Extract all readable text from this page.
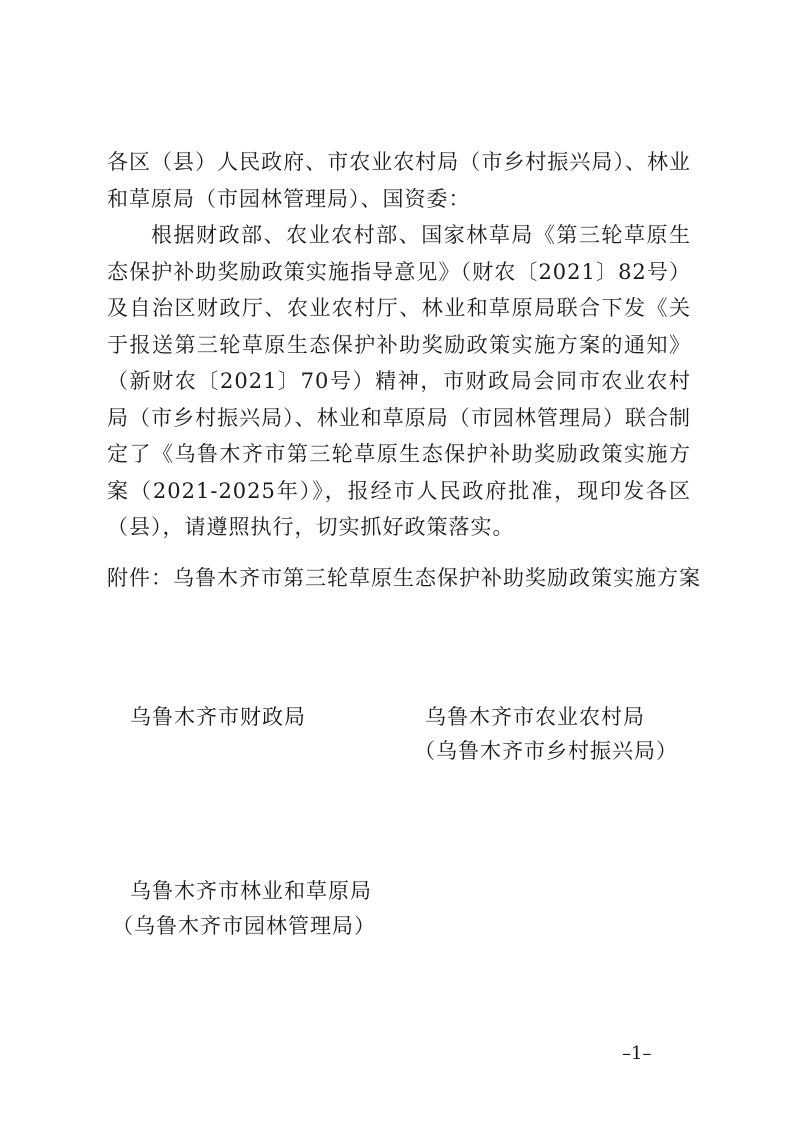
各区（县）人民政府、市农业农村局（市乡村振兴局）、林业和草原局（市园林管理局）、国资委：

根据财政部、农业农村部、国家林草局《第三轮草原生态保护补助奖励政策实施指导意见》（财农〔2021〕82号）及自治区财政厅、农业农村厅、林业和草原局联合下发《关于报送第三轮草原生态保护补助奖励政策实施方案的通知》（新财农〔2021〕70号）精神，市财政局会同市农业农村局（市乡村振兴局）、林业和草原局（市园林管理局）联合制定了《乌鲁木齐市第三轮草原生态保护补助奖励政策实施方案（2021-2025年）》，报经市人民政府批准，现印发各区（县），请遵照执行，切实抓好政策落实。

附件：乌鲁木齐市第三轮草原生态保护补助奖励政策实施方案
乌鲁木齐市财政局	乌鲁木齐市农业农村局
（乌鲁木齐市乡村振兴局）
乌鲁木齐市林业和草原局
（乌鲁木齐市园林管理局）
–1–
